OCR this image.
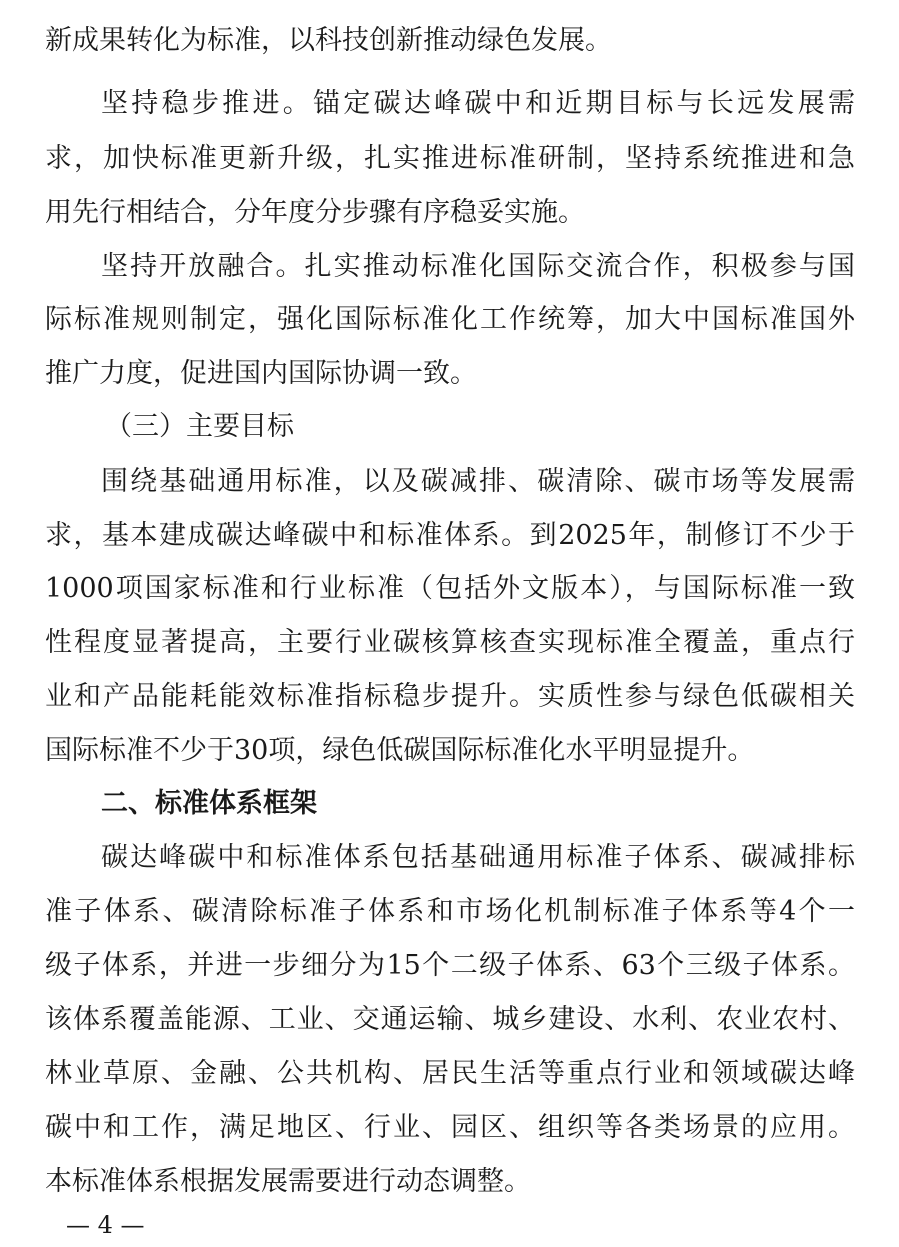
新成果转化为标准，以科技创新推动绿色发展。
坚持稳步推进。锚定碳达峰碳中和近期目标与长远发展需
求，加快标准更新升级，扎实推进标准研制，坚持系统推进和急
用先行相结合，分年度分步骤有序稳妥实施。
坚持开放融合。扎实推动标准化国际交流合作，积极参与国
际标准规则制定，强化国际标准化工作统筹，加大中国标准国外
推广力度，促进国内国际协调一致。
（三）主要目标
围绕基础通用标准，以及碳减排、碳清除、碳市场等发展需
求，基本建成碳达峰碳中和标准体系。到2025年，制修订不少于
1000项国家标准和行业标准（包括外文版本），与国际标准一致
性程度显著提高，主要行业碳核算核查实现标准全覆盖，重点行
业和产品能耗能效标准指标稳步提升。实质性参与绿色低碳相关
国际标准不少于30项，绿色低碳国际标准化水平明显提升。
二、标准体系框架
碳达峰碳中和标准体系包括基础通用标准子体系、碳减排标
准子体系、碳清除标准子体系和市场化机制标准子体系等4个一
级子体系，并进一步细分为15个二级子体系、63个三级子体系。
该体系覆盖能源、工业、交通运输、城乡建设、水利、农业农村、
林业草原、金融、公共机构、居民生活等重点行业和领域碳达峰
碳中和工作，满足地区、行业、园区、组织等各类场景的应用。
本标准体系根据发展需要进行动态调整。
— 4 —
